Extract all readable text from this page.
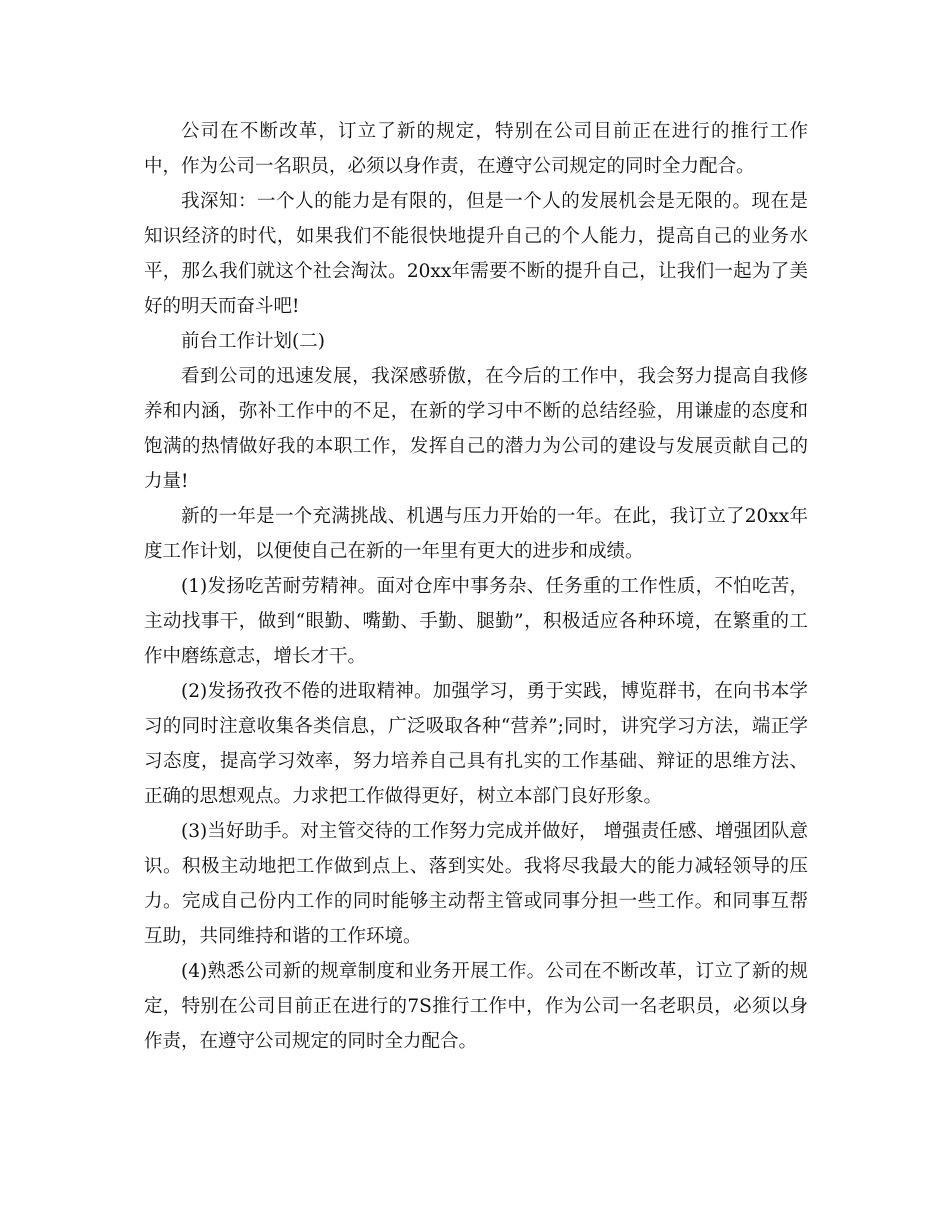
公司在不断改革，订立了新的规定，特别在公司目前正在进行的推行工作中，作为公司一名职员，必须以身作责，在遵守公司规定的同时全力配合。

我深知：一个人的能力是有限的，但是一个人的发展机会是无限的。现在是知识经济的时代，如果我们不能很快地提升自己的个人能力，提高自己的业务水平，那么我们就这个社会淘汰。20xx年需要不断的提升自己，让我们一起为了美好的明天而奋斗吧!

前台工作计划(二)

看到公司的迅速发展，我深感骄傲，在今后的工作中，我会努力提高自我修养和内涵，弥补工作中的不足，在新的学习中不断的总结经验，用谦虚的态度和饱满的热情做好我的本职工作，发挥自己的潜力为公司的建设与发展贡献自己的力量!

新的一年是一个充满挑战、机遇与压力开始的一年。在此，我订立了20xx年度工作计划，以便使自己在新的一年里有更大的进步和成绩。

(1)发扬吃苦耐劳精神。面对仓库中事务杂、任务重的工作性质，不怕吃苦，主动找事干，做到“眼勤、嘴勤、手勤、腿勤”，积极适应各种环境，在繁重的工作中磨练意志，增长才干。

(2)发扬孜孜不倦的进取精神。加强学习，勇于实践，博览群书，在向书本学习的同时注意收集各类信息，广泛吸取各种“营养”;同时，讲究学习方法，端正学习态度，提高学习效率，努力培养自己具有扎实的工作基础、辩证的思维方法、正确的思想观点。力求把工作做得更好，树立本部门良好形象。

(3)当好助手。对主管交待的工作努力完成并做好， 增强责任感、增强团队意识。积极主动地把工作做到点上、落到实处。我将尽我最大的能力减轻领导的压力。完成自己份内工作的同时能够主动帮主管或同事分担一些工作。和同事互帮互助，共同维持和谐的工作环境。

(4)熟悉公司新的规章制度和业务开展工作。公司在不断改革，订立了新的规定，特别在公司目前正在进行的7S推行工作中，作为公司一名老职员，必须以身作责，在遵守公司规定的同时全力配合。
